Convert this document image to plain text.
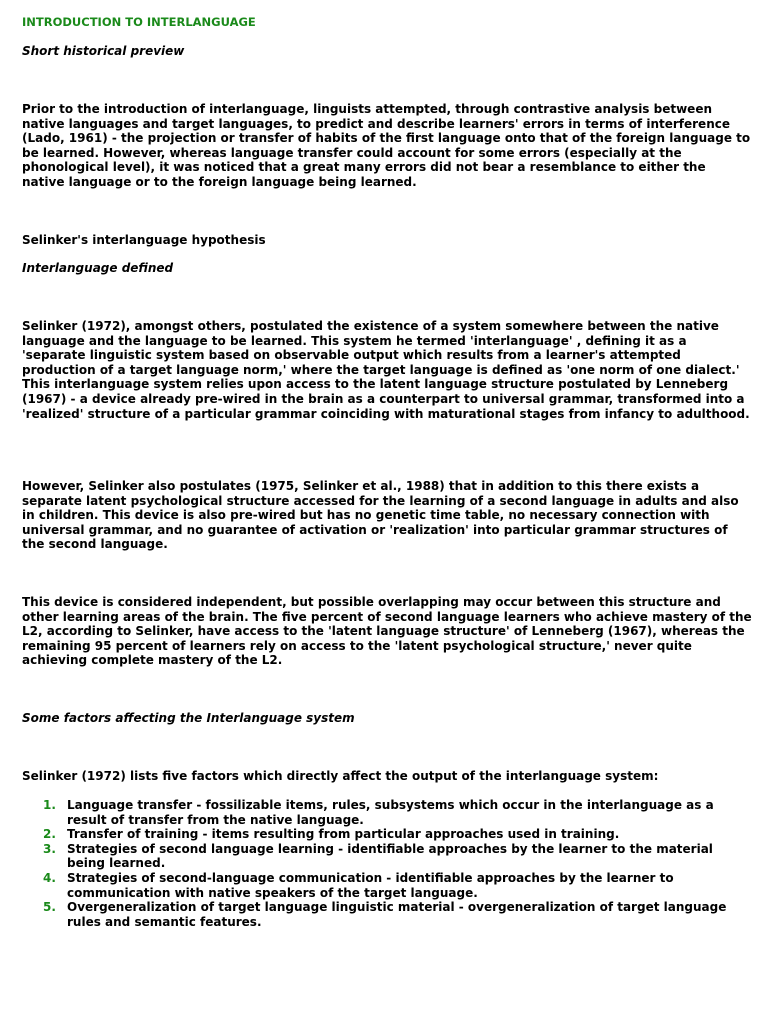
INTRODUCTION TO INTERLANGUAGE
Short historical preview

Prior to the introduction of interlanguage, linguists attempted, through contrastive analysis between native languages and target languages, to predict and describe learners' errors in terms of interference (Lado, 1961) - the projection or transfer of habits of the first language onto that of the foreign language to be learned. However, whereas language transfer could account for some errors (especially at the phonological level), it was noticed that a great many errors did not bear a resemblance to either the native language or to the foreign language being learned.

Selinker's interlanguage hypothesis
Interlanguage defined

Selinker (1972), amongst others, postulated the existence of a system somewhere between the native language and the language to be learned. This system he termed 'interlanguage' , defining it as a 'separate linguistic system based on observable output which results from a learner's attempted production of a target language norm,' where the target language is defined as 'one norm of one dialect.' This interlanguage system relies upon access to the latent language structure postulated by Lenneberg (1967) - a device already pre-wired in the brain as a counterpart to universal grammar, transformed into a 'realized' structure of a particular grammar coinciding with maturational stages from infancy to adulthood.

However, Selinker also postulates (1975, Selinker et al., 1988) that in addition to this there exists a separate latent psychological structure accessed for the learning of a second language in adults and also in children. This device is also pre-wired but has no genetic time table, no necessary connection with universal grammar, and no guarantee of activation or 'realization' into particular grammar structures of the second language.

This device is considered independent, but possible overlapping may occur between this structure and other learning areas of the brain. The five percent of second language learners who achieve mastery of the L2, according to Selinker, have access to the 'latent language structure' of Lenneberg (1967), whereas the remaining 95 percent of learners rely on access to the 'latent psychological structure,' never quite achieving complete mastery of the L2.

Some factors affecting the Interlanguage system

Selinker (1972) lists five factors which directly affect the output of the interlanguage system:

1. Language transfer - fossilizable items, rules, subsystems which occur in the interlanguage as a result of transfer from the native language.
2. Transfer of training - items resulting from particular approaches used in training.
3. Strategies of second language learning - identifiable approaches by the learner to the material being learned.
4. Strategies of second-language communication - identifiable approaches by the learner to communication with native speakers of the target language.
5. Overgeneralization of target language linguistic material - overgeneralization of target language rules and semantic features.
